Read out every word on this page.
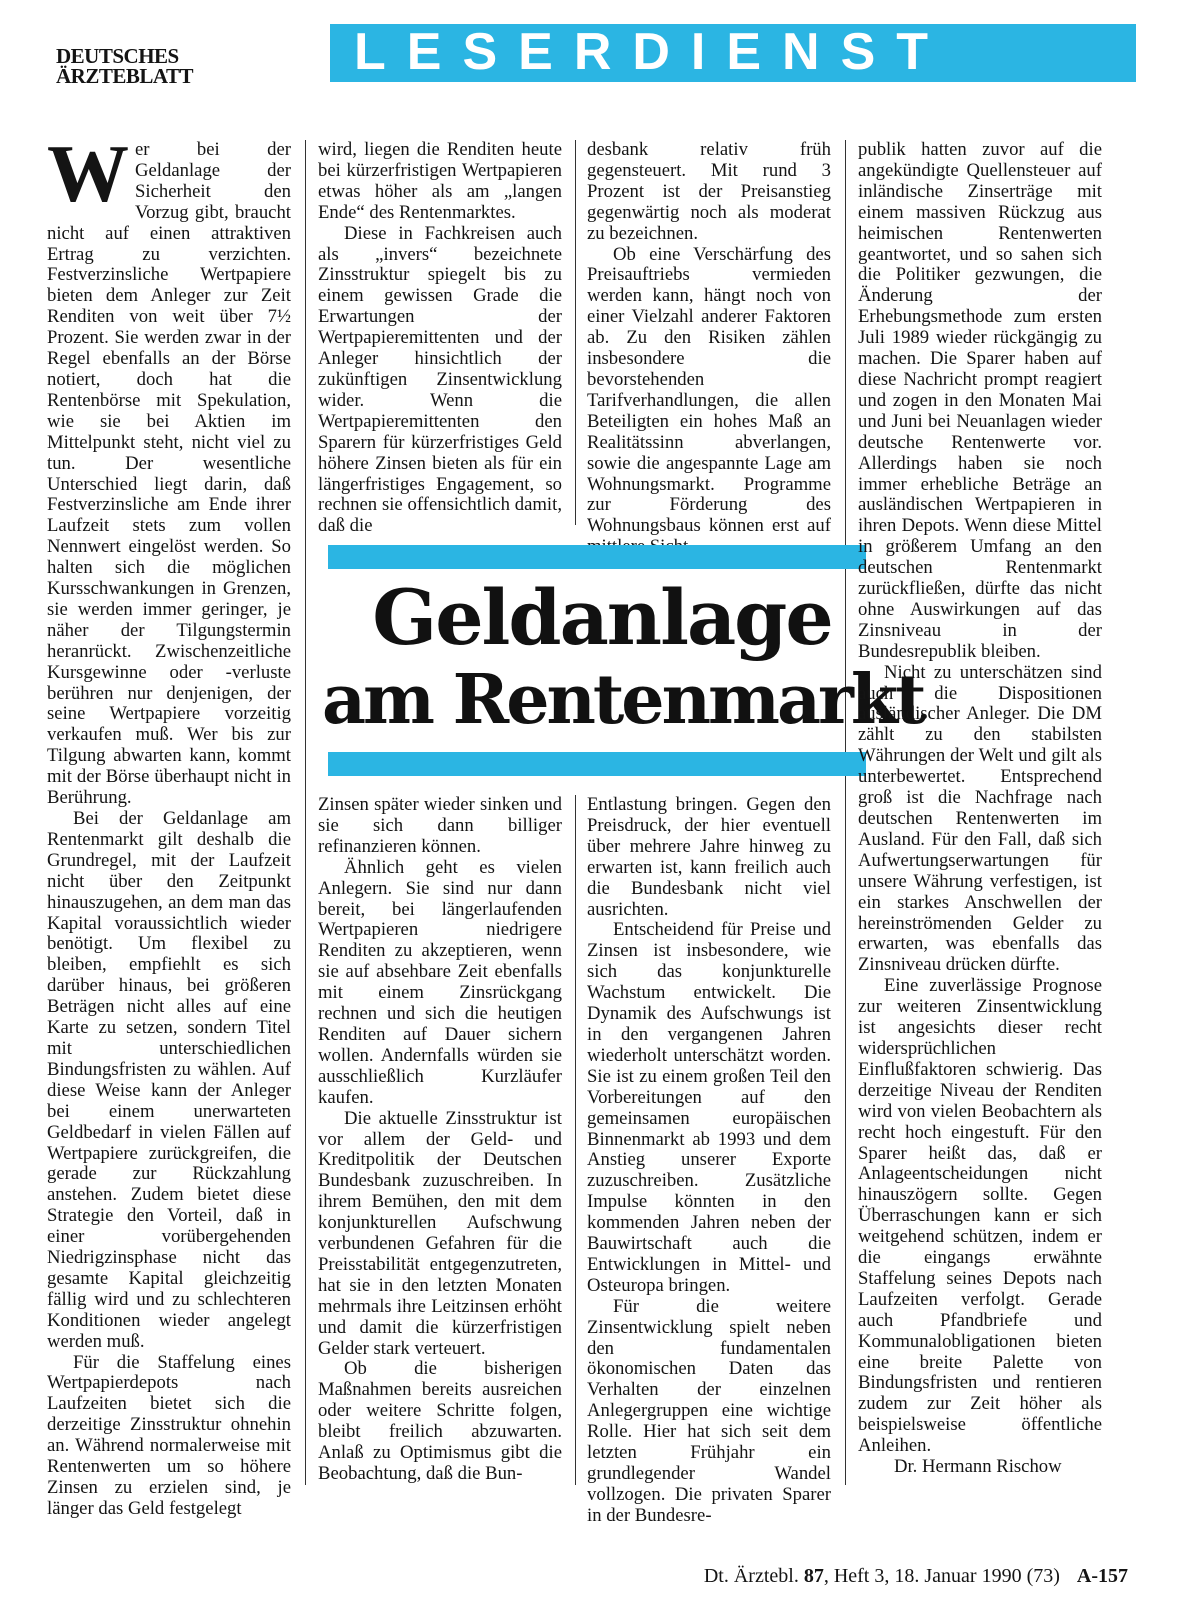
DEUTSCHES
ÄRZTEBLATT	LESERDIENST

Wer bei der Geldanlage der Sicherheit den Vorzug gibt, braucht nicht auf einen attraktiven Ertrag zu verzichten. Festverzinsliche Wertpapiere bieten dem Anleger zur Zeit Renditen von weit über 7½ Prozent. Sie werden zwar in der Regel ebenfalls an der Börse notiert, doch hat die Rentenbörse mit Spekulation, wie sie bei Aktien im Mittelpunkt steht, nicht viel zu tun. Der wesentliche Unterschied liegt darin, daß Festverzinsliche am Ende ihrer Laufzeit stets zum vollen Nennwert eingelöst werden. So halten sich die möglichen Kursschwankungen in Grenzen, sie werden immer geringer, je näher der Tilgungstermin heranrückt. Zwischenzeitliche Kursgewinne oder -verluste berühren nur denjenigen, der seine Wertpapiere vorzeitig verkaufen muß. Wer bis zur Tilgung abwarten kann, kommt mit der Börse überhaupt nicht in Berührung.

Bei der Geldanlage am Rentenmarkt gilt deshalb die Grundregel, mit der Laufzeit nicht über den Zeitpunkt hinauszugehen, an dem man das Kapital voraussichtlich wieder benötigt. Um flexibel zu bleiben, empfiehlt es sich darüber hinaus, bei größeren Beträgen nicht alles auf eine Karte zu setzen, sondern Titel mit unterschiedlichen Bindungsfristen zu wählen. Auf diese Weise kann der Anleger bei einem unerwarteten Geldbedarf in vielen Fällen auf Wertpapiere zurückgreifen, die gerade zur Rückzahlung anstehen. Zudem bietet diese Strategie den Vorteil, daß in einer vorübergehenden Niedrigzinsphase nicht das gesamte Kapital gleichzeitig fällig wird und zu schlechteren Konditionen wieder angelegt werden muß.

Für die Staffelung eines Wertpapierdepots nach Laufzeiten bietet sich die derzeitige Zinsstruktur ohnehin an. Während normalerweise mit Rentenwerten um so höhere Zinsen zu erzielen sind, je länger das Geld festgelegt

wird, liegen die Renditen heute bei kürzerfristigen Wertpapieren etwas höher als am „langen Ende“ des Rentenmarktes.

Diese in Fachkreisen auch als „invers“ bezeichnete Zinsstruktur spiegelt bis zu einem gewissen Grade die Erwartungen der Wertpapieremittenten und der Anleger hinsichtlich der zukünftigen Zinsentwicklung wider. Wenn die Wertpapieremittenten den Sparern für kürzerfristiges Geld höhere Zinsen bieten als für ein längerfristiges Engagement, so rechnen sie offensichtlich damit, daß die

desbank relativ früh gegensteuert. Mit rund 3 Prozent ist der Preisanstieg gegenwärtig noch als moderat zu bezeichnen.

Ob eine Verschärfung des Preisauftriebs vermieden werden kann, hängt noch von einer Vielzahl anderer Faktoren ab. Zu den Risiken zählen insbesondere die bevorstehenden Tarifverhandlungen, die allen Beteiligten ein hohes Maß an Realitätssinn abverlangen, sowie die angespannte Lage am Wohnungsmarkt. Programme zur Förderung des Wohnungsbaus können erst auf

Geldanlage
am Rentenmarkt

Zinsen später wieder sinken und sie sich dann billiger refinanzieren können.

Ähnlich geht es vielen Anlegern. Sie sind nur dann bereit, bei längerlaufenden Wertpapieren niedrigere Renditen zu akzeptieren, wenn sie auf absehbare Zeit ebenfalls mit einem Zinsrückgang rechnen und sich die heutigen Renditen auf Dauer sichern wollen. Andernfalls würden sie ausschließlich Kurzläufer kaufen.

Die aktuelle Zinsstruktur ist vor allem der Geld- und Kreditpolitik der Deutschen Bundesbank zuzuschreiben. In ihrem Bemühen, den mit dem konjunkturellen Aufschwung verbundenen Gefahren für die Preisstabilität entgegenzutreten, hat sie in den letzten Monaten mehrmals ihre Leitzinsen erhöht und damit die kürzerfristigen Gelder stark verteuert.

Ob die bisherigen Maßnahmen bereits ausreichen oder weitere Schritte folgen, bleibt freilich abzuwarten. Anlaß zu Optimismus gibt die Beobachtung, daß die Bun-

Entlastung bringen. Gegen den Preisdruck, der hier eventuell über mehrere Jahre hinweg zu erwarten ist, kann freilich auch die Bundesbank nicht viel ausrichten.

Entscheidend für Preise und Zinsen ist insbesondere, wie sich das konjunkturelle Wachstum entwickelt. Die Dynamik des Aufschwungs ist in den vergangenen Jahren wiederholt unterschätzt worden. Sie ist zu einem großen Teil den Vorbereitungen auf den gemeinsamen europäischen Binnenmarkt ab 1993 und dem Anstieg unserer Exporte zuzuschreiben. Zusätzliche Impulse könnten in den kommenden Jahren neben der Bauwirtschaft auch die Entwicklungen in Mittel- und Osteuropa bringen.

Für die weitere Zinsentwicklung spielt neben den fundamentalen ökonomischen Daten das Verhalten der einzelnen Anlegergruppen eine wichtige Rolle. Hier hat sich seit dem letzten Frühjahr ein grundlegender Wandel vollzogen. Die privaten Sparer in der Bundesre-

publik hatten zuvor auf die angekündigte Quellensteuer auf inländische Zinserträge mit einem massiven Rückzug aus heimischen Rentenwerten geantwortet, und so sahen sich die Politiker gezwungen, die Änderung der Erhebungsmethode zum ersten Juli 1989 wieder rückgängig zu machen. Die Sparer haben auf diese Nachricht prompt reagiert und zogen in den Monaten Mai und Juni bei Neuanlagen wieder deutsche Rentenwerte vor. Allerdings haben sie noch immer erhebliche Beträge an ausländischen Wertpapieren in ihren Depots. Wenn diese Mittel in größerem Umfang an den deutschen Rentenmarkt zurückfließen, dürfte das nicht ohne Auswirkungen auf das Zinsniveau in der Bundesrepublik bleiben.

Nicht zu unterschätzen sind auch die Dispositionen ausländischer Anleger. Die DM zählt zu den stabilsten Währungen der Welt und gilt als unterbewertet. Entsprechend groß ist die Nachfrage nach deutschen Rentenwerten im Ausland. Für den Fall, daß sich Aufwertungserwartungen für unsere Währung verfestigen, ist ein starkes Anschwellen der hereinströmenden Gelder zu erwarten, was ebenfalls das Zinsniveau drücken dürfte.

Eine zuverlässige Prognose zur weiteren Zinsentwicklung ist angesichts dieser recht widersprüchlichen Einflußfaktoren schwierig. Das derzeitige Niveau der Renditen wird von vielen Beobachtern als recht hoch eingestuft. Für den Sparer heißt das, daß er Anlageentscheidungen nicht hinauszögern sollte. Gegen Überraschungen kann er sich weitgehend schützen, indem er die eingangs erwähnte Staffelung seines Depots nach Laufzeiten verfolgt. Gerade auch Pfandbriefe und Kommunalobligationen bieten eine breite Palette von Bindungsfristen und rentieren zudem zur Zeit höher als beispielsweise öffentliche Anleihen.

Dr. Hermann Rischow

Dt. Ärztebl. 87, Heft 3, 18. Januar 1990 (73) A-157
